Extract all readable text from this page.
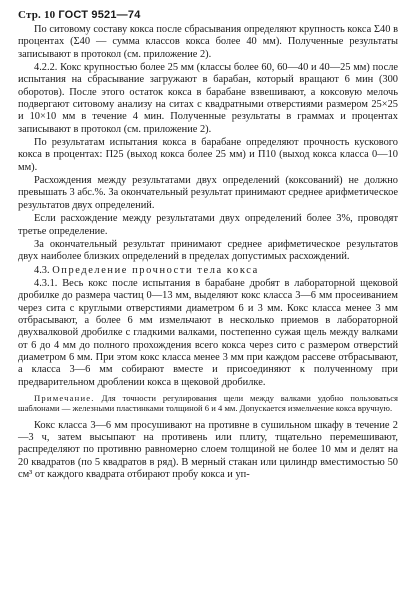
Стр. 10 ГОСТ 9521—74

По ситовому составу кокса после сбрасывания определяют крупность кокса Σ40 в процентах (Σ40 — сумма классов кокса более 40 мм). Полученные результаты записывают в протокол (см. приложение 2).

4.2.2. Кокс крупностью более 25 мм (классы более 60, 60—40 и 40—25 мм) после испытания на сбрасывание загружают в барабан, который вращают 6 мин (300 оборотов). После этого остаток кокса в барабане взвешивают, а коксовую мелочь подвергают ситовому анализу на ситах с квадратными отверстиями размером 25×25 и 10×10 мм в течение 4 мин. Полученные результаты в граммах и процентах записывают в протокол (см. приложение 2).

По результатам испытания кокса в барабане определяют прочность кускового кокса в процентах: П25 (выход кокса более 25 мм) и П10 (выход кокса класса 0—10 мм).

Расхождения между результатами двух определений (коксований) не должно превышать 3 абс.%. За окончательный результат принимают среднее арифметическое результатов двух определений.

Если расхождение между результатами двух определений более 3%, проводят третье определение.

За окончательный результат принимают среднее арифметическое результатов двух наиболее близких определений в пределах допустимых расхождений.

4.3. Определение прочности тела кокса

4.3.1. Весь кокс после испытания в барабане дробят в лабораторной щековой дробилке до размера частиц 0—13 мм, выделяют кокс класса 3—6 мм просеиванием через сита с круглыми отверстиями диаметром 6 и 3 мм. Кокс класса менее 3 мм отбрасывают, а более 6 мм измельчают в несколько приемов в лабораторной двухвалковой дробилке с гладкими валками, постепенно сужая щель между валками от 6 до 4 мм до полного прохождения всего кокса через сито с размером отверстий диаметром 6 мм. При этом кокс класса менее 3 мм при каждом рассеве отбрасывают, а класса 3—6 мм собирают вместе и присоединяют к полученному при предварительном дроблении кокса в щековой дробилке.

Примечание. Для точности регулирования щели между валками удобно пользоваться шаблонами — железными пластинками толщиной 6 и 4 мм. Допускается измельчение кокса вручную.

Кокс класса 3—6 мм просушивают на противне в сушильном шкафу в течение 2—3 ч, затем высыпают на противень или плиту, тщательно перемешивают, распределяют по противню равномерно слоем толщиной не более 10 мм и делят на 20 квадратов (по 5 квадратов в ряд). В мерный стакан или цилиндр вместимостью 50 см³ от каждого квадрата отбирают пробу кокса и уп-
